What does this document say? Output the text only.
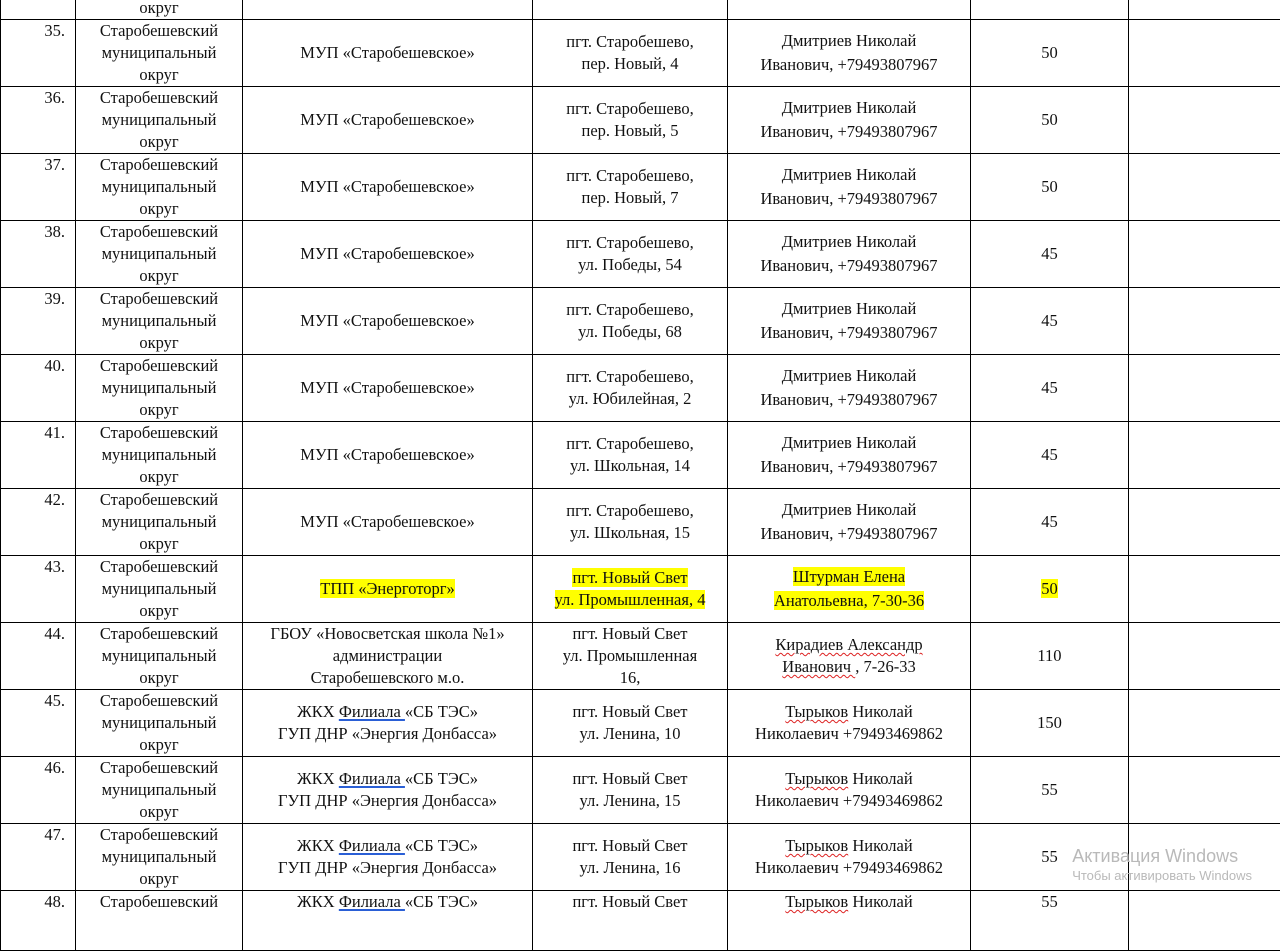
	округ					
35.	Старобешевский
муниципальный
округ	МУП «Старобешевское»	пгт. Старобешево,
пер. Новый, 4	Дмитриев Николай
Иванович, +79493807967	50	
36.	Старобешевский
муниципальный
округ	МУП «Старобешевское»	пгт. Старобешево,
пер. Новый, 5	Дмитриев Николай
Иванович, +79493807967	50	
37.	Старобешевский
муниципальный
округ	МУП «Старобешевское»	пгт. Старобешево,
пер. Новый, 7	Дмитриев Николай
Иванович, +79493807967	50	
38.	Старобешевский
муниципальный
округ	МУП «Старобешевское»	пгт. Старобешево,
ул. Победы, 54	Дмитриев Николай
Иванович, +79493807967	45	
39.	Старобешевский
муниципальный
округ	МУП «Старобешевское»	пгт. Старобешево,
ул. Победы, 68	Дмитриев Николай
Иванович, +79493807967	45	
40.	Старобешевский
муниципальный
округ	МУП «Старобешевское»	пгт. Старобешево,
ул. Юбилейная, 2	Дмитриев Николай
Иванович, +79493807967	45	
41.	Старобешевский
муниципальный
округ	МУП «Старобешевское»	пгт. Старобешево,
ул. Школьная, 14	Дмитриев Николай
Иванович, +79493807967	45	
42.	Старобешевский
муниципальный
округ	МУП «Старобешевское»	пгт. Старобешево,
ул. Школьная, 15	Дмитриев Николай
Иванович, +79493807967	45	
43.	Старобешевский
муниципальный
округ	ТПП «Энерготорг»	пгт. Новый Свет
ул. Промышленная, 4	Штурман Елена
Анатольевна, 7-30-36	50	
44.	Старобешевский
муниципальный
округ	ГБОУ «Новосветская школа №1»
администрации
Старобешевского м.о.	пгт. Новый Свет
ул. Промышленная
16,	Кирадиев Александр
Иванович , 7-26-33	110	
45.	Старобешевский
муниципальный
округ	ЖКХ Филиала «СБ ТЭС»
ГУП ДНР «Энергия Донбасса»	пгт. Новый Свет
ул. Ленина, 10	Тырыков Николай
Николаевич +79493469862	150	
46.	Старобешевский
муниципальный
округ	ЖКХ Филиала «СБ ТЭС»
ГУП ДНР «Энергия Донбасса»	пгт. Новый Свет
ул. Ленина, 15	Тырыков Николай
Николаевич +79493469862	55	
47.	Старобешевский
муниципальный
округ	ЖКХ Филиала «СБ ТЭС»
ГУП ДНР «Энергия Донбасса»	пгт. Новый Свет
ул. Ленина, 16	Тырыков Николай
Николаевич +79493469862	55	
48.	Старобешевский	ЖКХ Филиала «СБ ТЭС»	пгт. Новый Свет	Тырыков Николай	55	
Активация Windows
Чтобы активировать Windows
